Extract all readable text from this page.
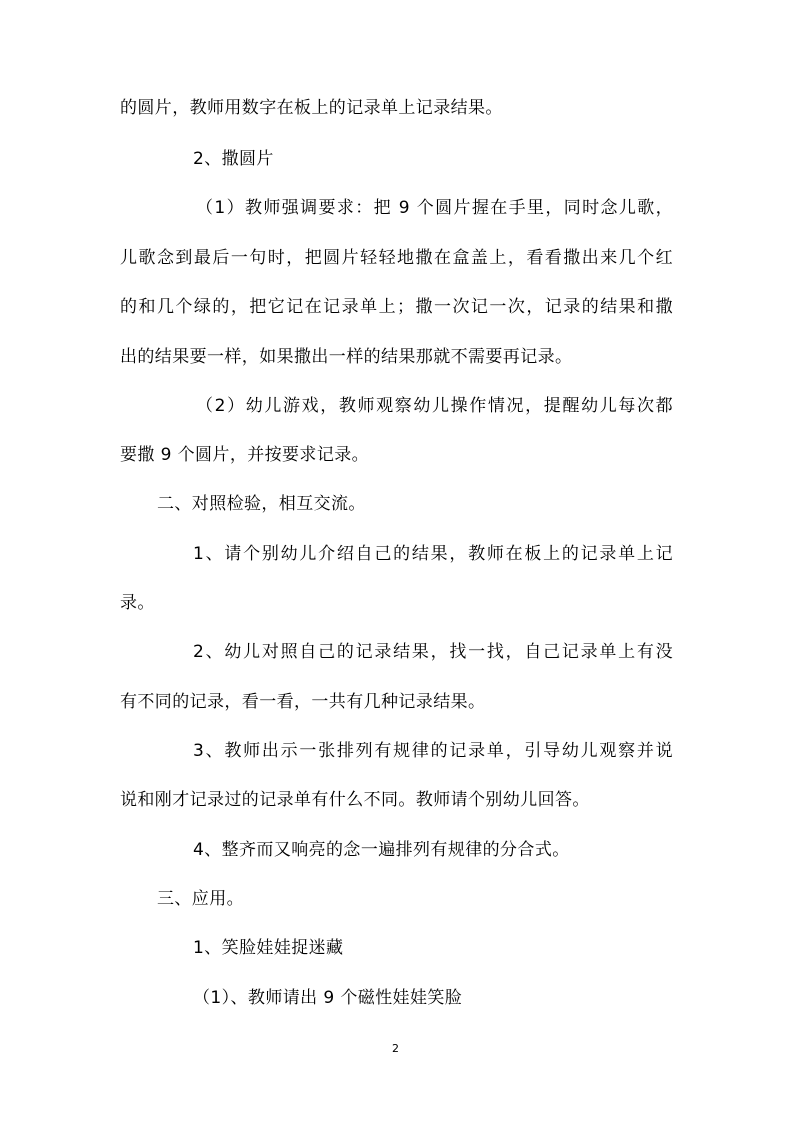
的圆片，教师用数字在板上的记录单上记录结果。
2、撒圆片
（1）教师强调要求：把 9 个圆片握在手里，同时念儿歌，
儿歌念到最后一句时，把圆片轻轻地撒在盒盖上，看看撒出来几个红
的和几个绿的，把它记在记录单上；撒一次记一次，记录的结果和撒
出的结果要一样，如果撒出一样的结果那就不需要再记录。
（2）幼儿游戏，教师观察幼儿操作情况，提醒幼儿每次都
要撒 9 个圆片，并按要求记录。
二、对照检验，相互交流。
1、请个别幼儿介绍自己的结果，教师在板上的记录单上记
录。
2、幼儿对照自己的记录结果，找一找，自己记录单上有没
有不同的记录，看一看，一共有几种记录结果。
3、教师出示一张排列有规律的记录单，引导幼儿观察并说
说和刚才记录过的记录单有什么不同。教师请个别幼儿回答。
4、整齐而又响亮的念一遍排列有规律的分合式。
三、应用。
1、笑脸娃娃捉迷藏
（1）、教师请出 9 个磁性娃娃笑脸
2
